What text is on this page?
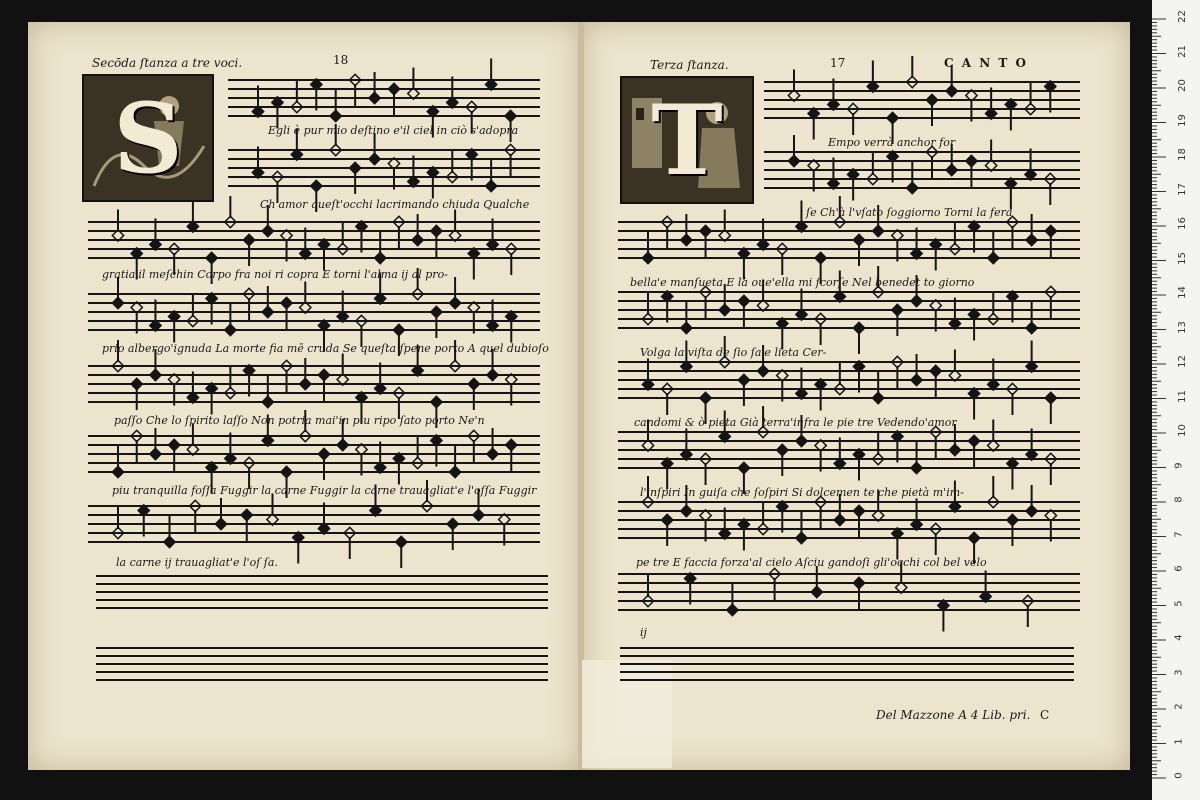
Secōda ſtanza a tre voci.	18
S
Terza ſtanza.	17	C A N T O
T
Egli è pur mio deſtino e'il ciel in ciò s'adopra
Ch'amor queſt'occhi lacrimando chiuda Qualche
gratia'il meſchin Corpo fra noi ri copra E torni l'alma ij al pro-
prio albergo'ignuda La morte fia mē cruda Se queſta ſpene porto A quel dubioſo
paſſo Che lo ſpirito laſſo Non potria mai'in piu ripo ſato porto Ne'n
piu tranquilla foſſa Fuggir la carne Fuggir la carne trauagliat'e l'oſſa Fuggir
la carne ij trauagliat'e l'oſ ſa.
Empo verrà anchor for
ſe Ch'à l'vſato ſoggiorno Torni la fera
bella'e manſueta E là oue'ella mi ſcorſe Nel benedet to giorno
Volga la viſta de ſio ſa'e lieta Cer-
candomi & ò pieta Già terra'infra le pie tre Vedendo'amor
l'inſpiri In guiſa che ſoſpiri Si dolcemen te che pietà m'im-
pe tre E faccia forza'al cielo Aſciu gandoſi gli'occhi col bel velo
ij
Del Mazzone A 4 Lib. pri. C
22
21
20
19
18
17
16
15
14
13
12
11
10
9
8
7
6
5
4
3
2
1
0
